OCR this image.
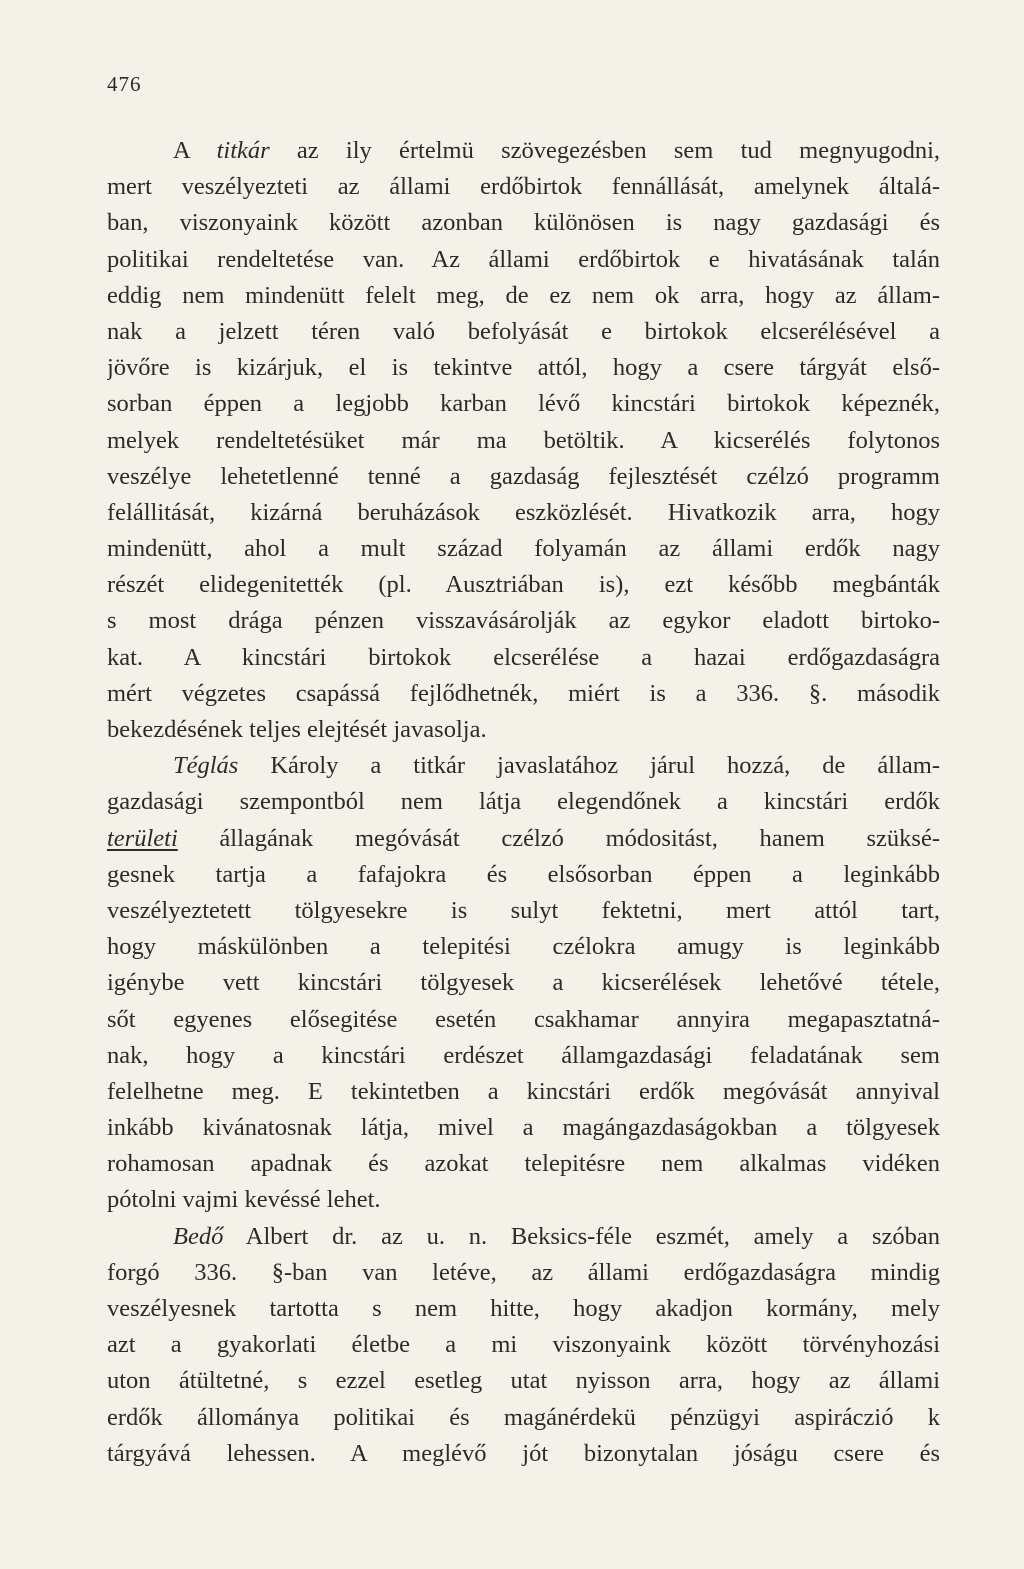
476
A titkár az ily értelmü szövegezésben sem tud megnyugodni,
mert veszélyezteti az állami erdőbirtok fennállását, amelynek általá-
ban, viszonyaink között azonban különösen is nagy gazdasági és
politikai rendeltetése van. Az állami erdőbirtok e hivatásának talán
eddig nem mindenütt felelt meg, de ez nem ok arra, hogy az állam-
nak a jelzett téren való befolyását e birtokok elcserélésével a
jövőre is kizárjuk, el is tekintve attól, hogy a csere tárgyát első-
sorban éppen a legjobb karban lévő kincstári birtokok képeznék,
melyek rendeltetésüket már ma betöltik. A kicserélés folytonos
veszélye lehetetlenné tenné a gazdaság fejlesztését czélzó programm
felállitását, kizárná beruházások eszközlését. Hivatkozik arra, hogy
mindenütt, ahol a mult század folyamán az állami erdők nagy
részét elidegenitették (pl. Ausztriában is), ezt később megbánták
s most drága pénzen visszavásárolják az egykor eladott birtoko-
kat. A kincstári birtokok elcserélése a hazai erdőgazdaságra
mért végzetes csapássá fejlődhetnék, miért is a 336. §. második
bekezdésének teljes elejtését javasolja.
Téglás Károly a titkár javaslatához járul hozzá, de állam-
gazdasági szempontból nem látja elegendőnek a kincstári erdők
területi állagának megóvását czélzó módositást, hanem szüksé-
gesnek tartja a fafajokra és elsősorban éppen a leginkább
veszélyeztetett tölgyesekre is sulyt fektetni, mert attól tart,
hogy máskülönben a telepitési czélokra amugy is leginkább
igénybe vett kincstári tölgyesek a kicserélések lehetővé tétele,
sőt egyenes elősegitése esetén csakhamar annyira megapasztatná-
nak, hogy a kincstári erdészet államgazdasági feladatának sem
felelhetne meg. E tekintetben a kincstári erdők megóvását annyival
inkább kivánatosnak látja, mivel a magángazdaságokban a tölgyesek
rohamosan apadnak és azokat telepitésre nem alkalmas vidéken
pótolni vajmi kevéssé lehet.
Bedő Albert dr. az u. n. Beksics-féle eszmét, amely a szóban
forgó 336. §-ban van letéve, az állami erdőgazdaságra mindig
veszélyesnek tartotta s nem hitte, hogy akadjon kormány, mely
azt a gyakorlati életbe a mi viszonyaink között törvényhozási
uton átültetné, s ezzel esetleg utat nyisson arra, hogy az állami
erdők állománya politikai és magánérdekü pénzügyi aspiráczió k
tárgyává lehessen. A meglévő jót bizonytalan jóságu csere és
